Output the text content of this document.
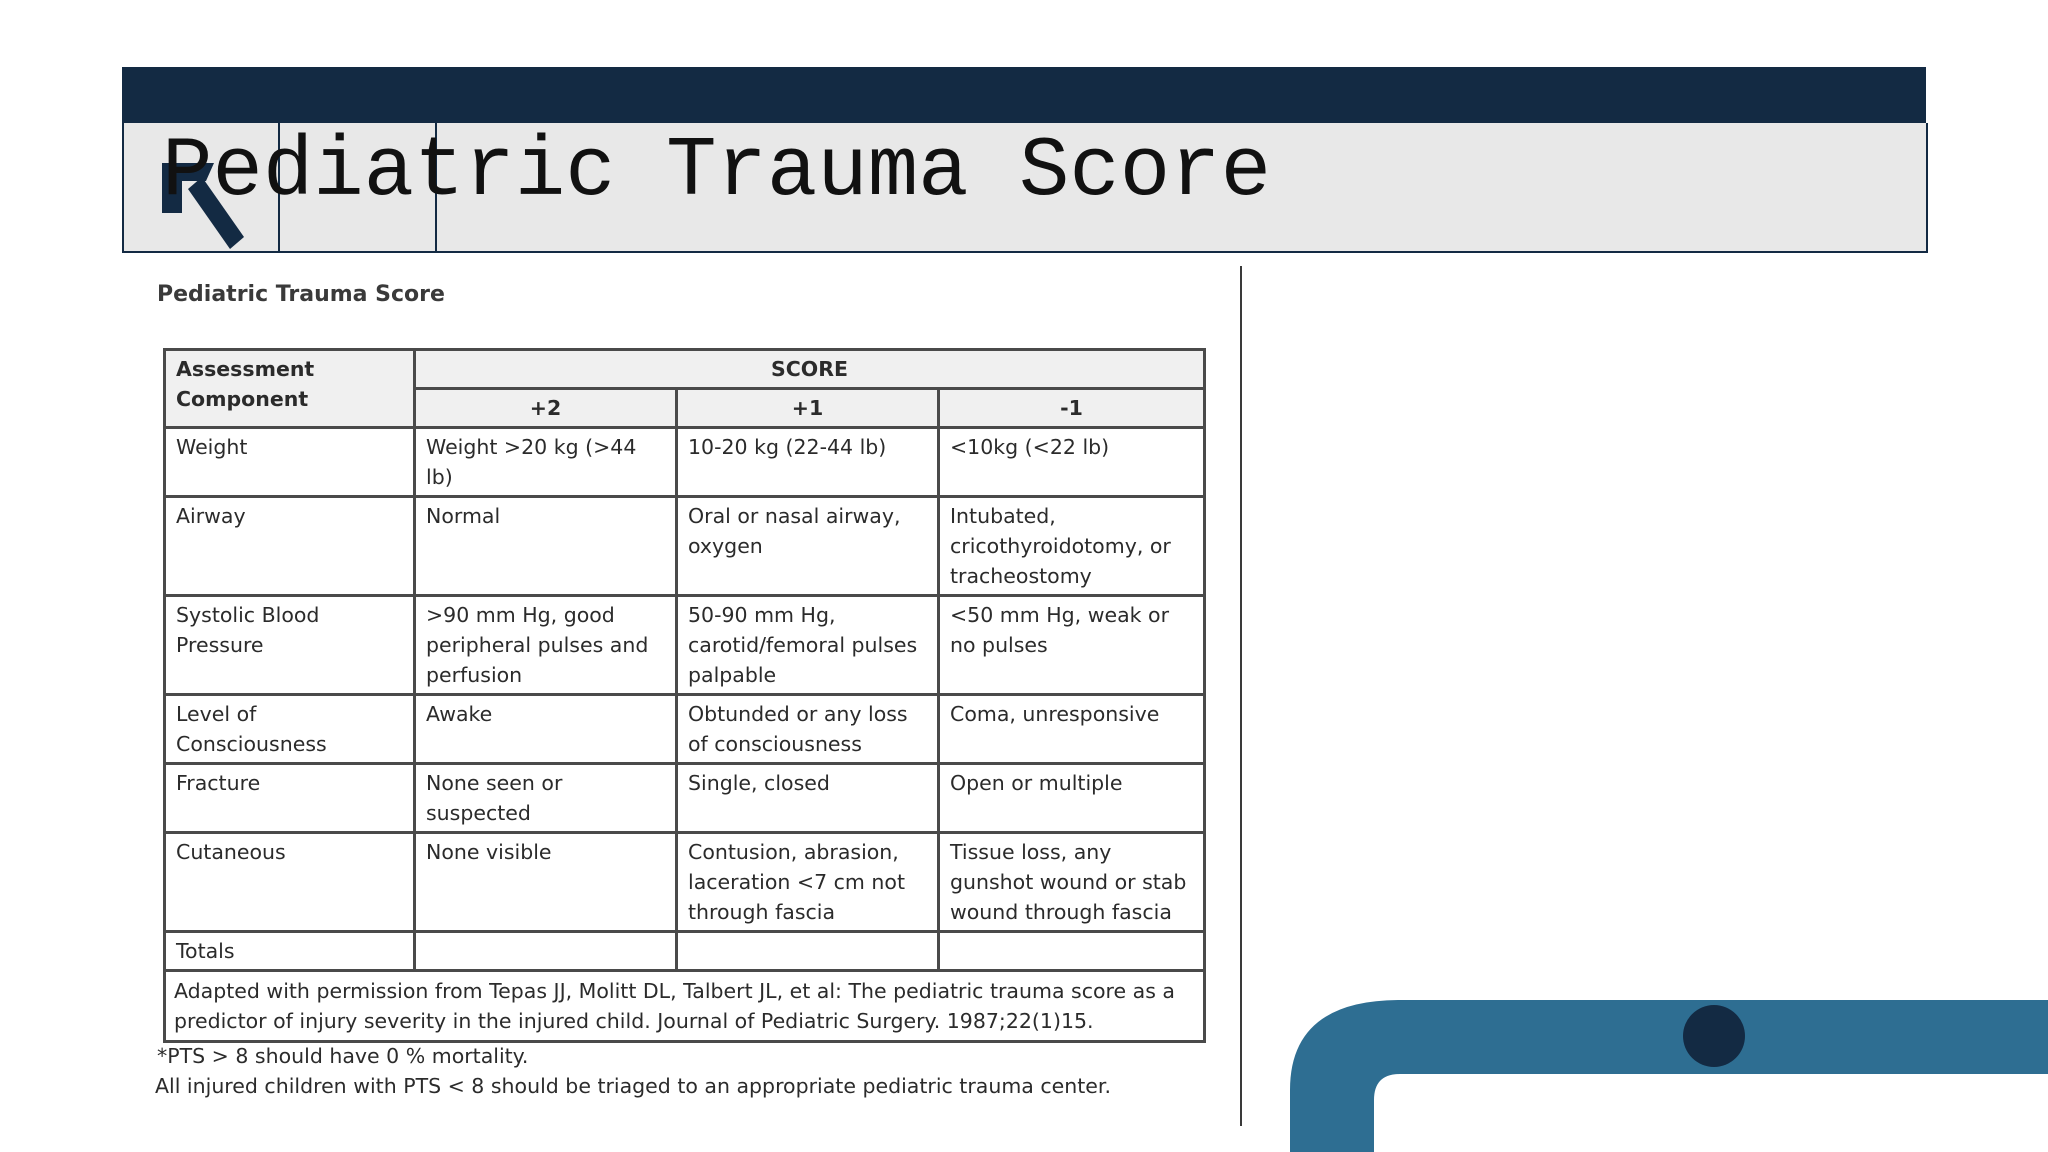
Pediatric Trauma Score

Pediatric Trauma Score

Assessment Component	SCORE		
	+2	+1	-1
Weight	Weight >20 kg (>44 lb)	10-20 kg (22-44 lb)	<10kg (<22 lb)
Airway	Normal	Oral or nasal airway, oxygen	Intubated, cricothyroidotomy, or tracheostomy
Systolic Blood Pressure	>90 mm Hg, good peripheral pulses and perfusion	50-90 mm Hg, carotid/femoral pulses palpable	<50 mm Hg, weak or no pulses
Level of Consciousness	Awake	Obtunded or any loss of consciousness	Coma, unresponsive
Fracture	None seen or suspected	Single, closed	Open or multiple
Cutaneous	None visible	Contusion, abrasion, laceration <7 cm not through fascia	Tissue loss, any gunshot wound or stab wound through fascia
Totals			
Adapted with permission from Tepas JJ, Molitt DL, Talbert JL, et al: The pediatric trauma score as a predictor of injury severity in the injured child. Journal of Pediatric Surgery. 1987;22(1)15.			

*PTS > 8 should have 0 % mortality.

All injured children with PTS < 8 should be triaged to an appropriate pediatric trauma center.
